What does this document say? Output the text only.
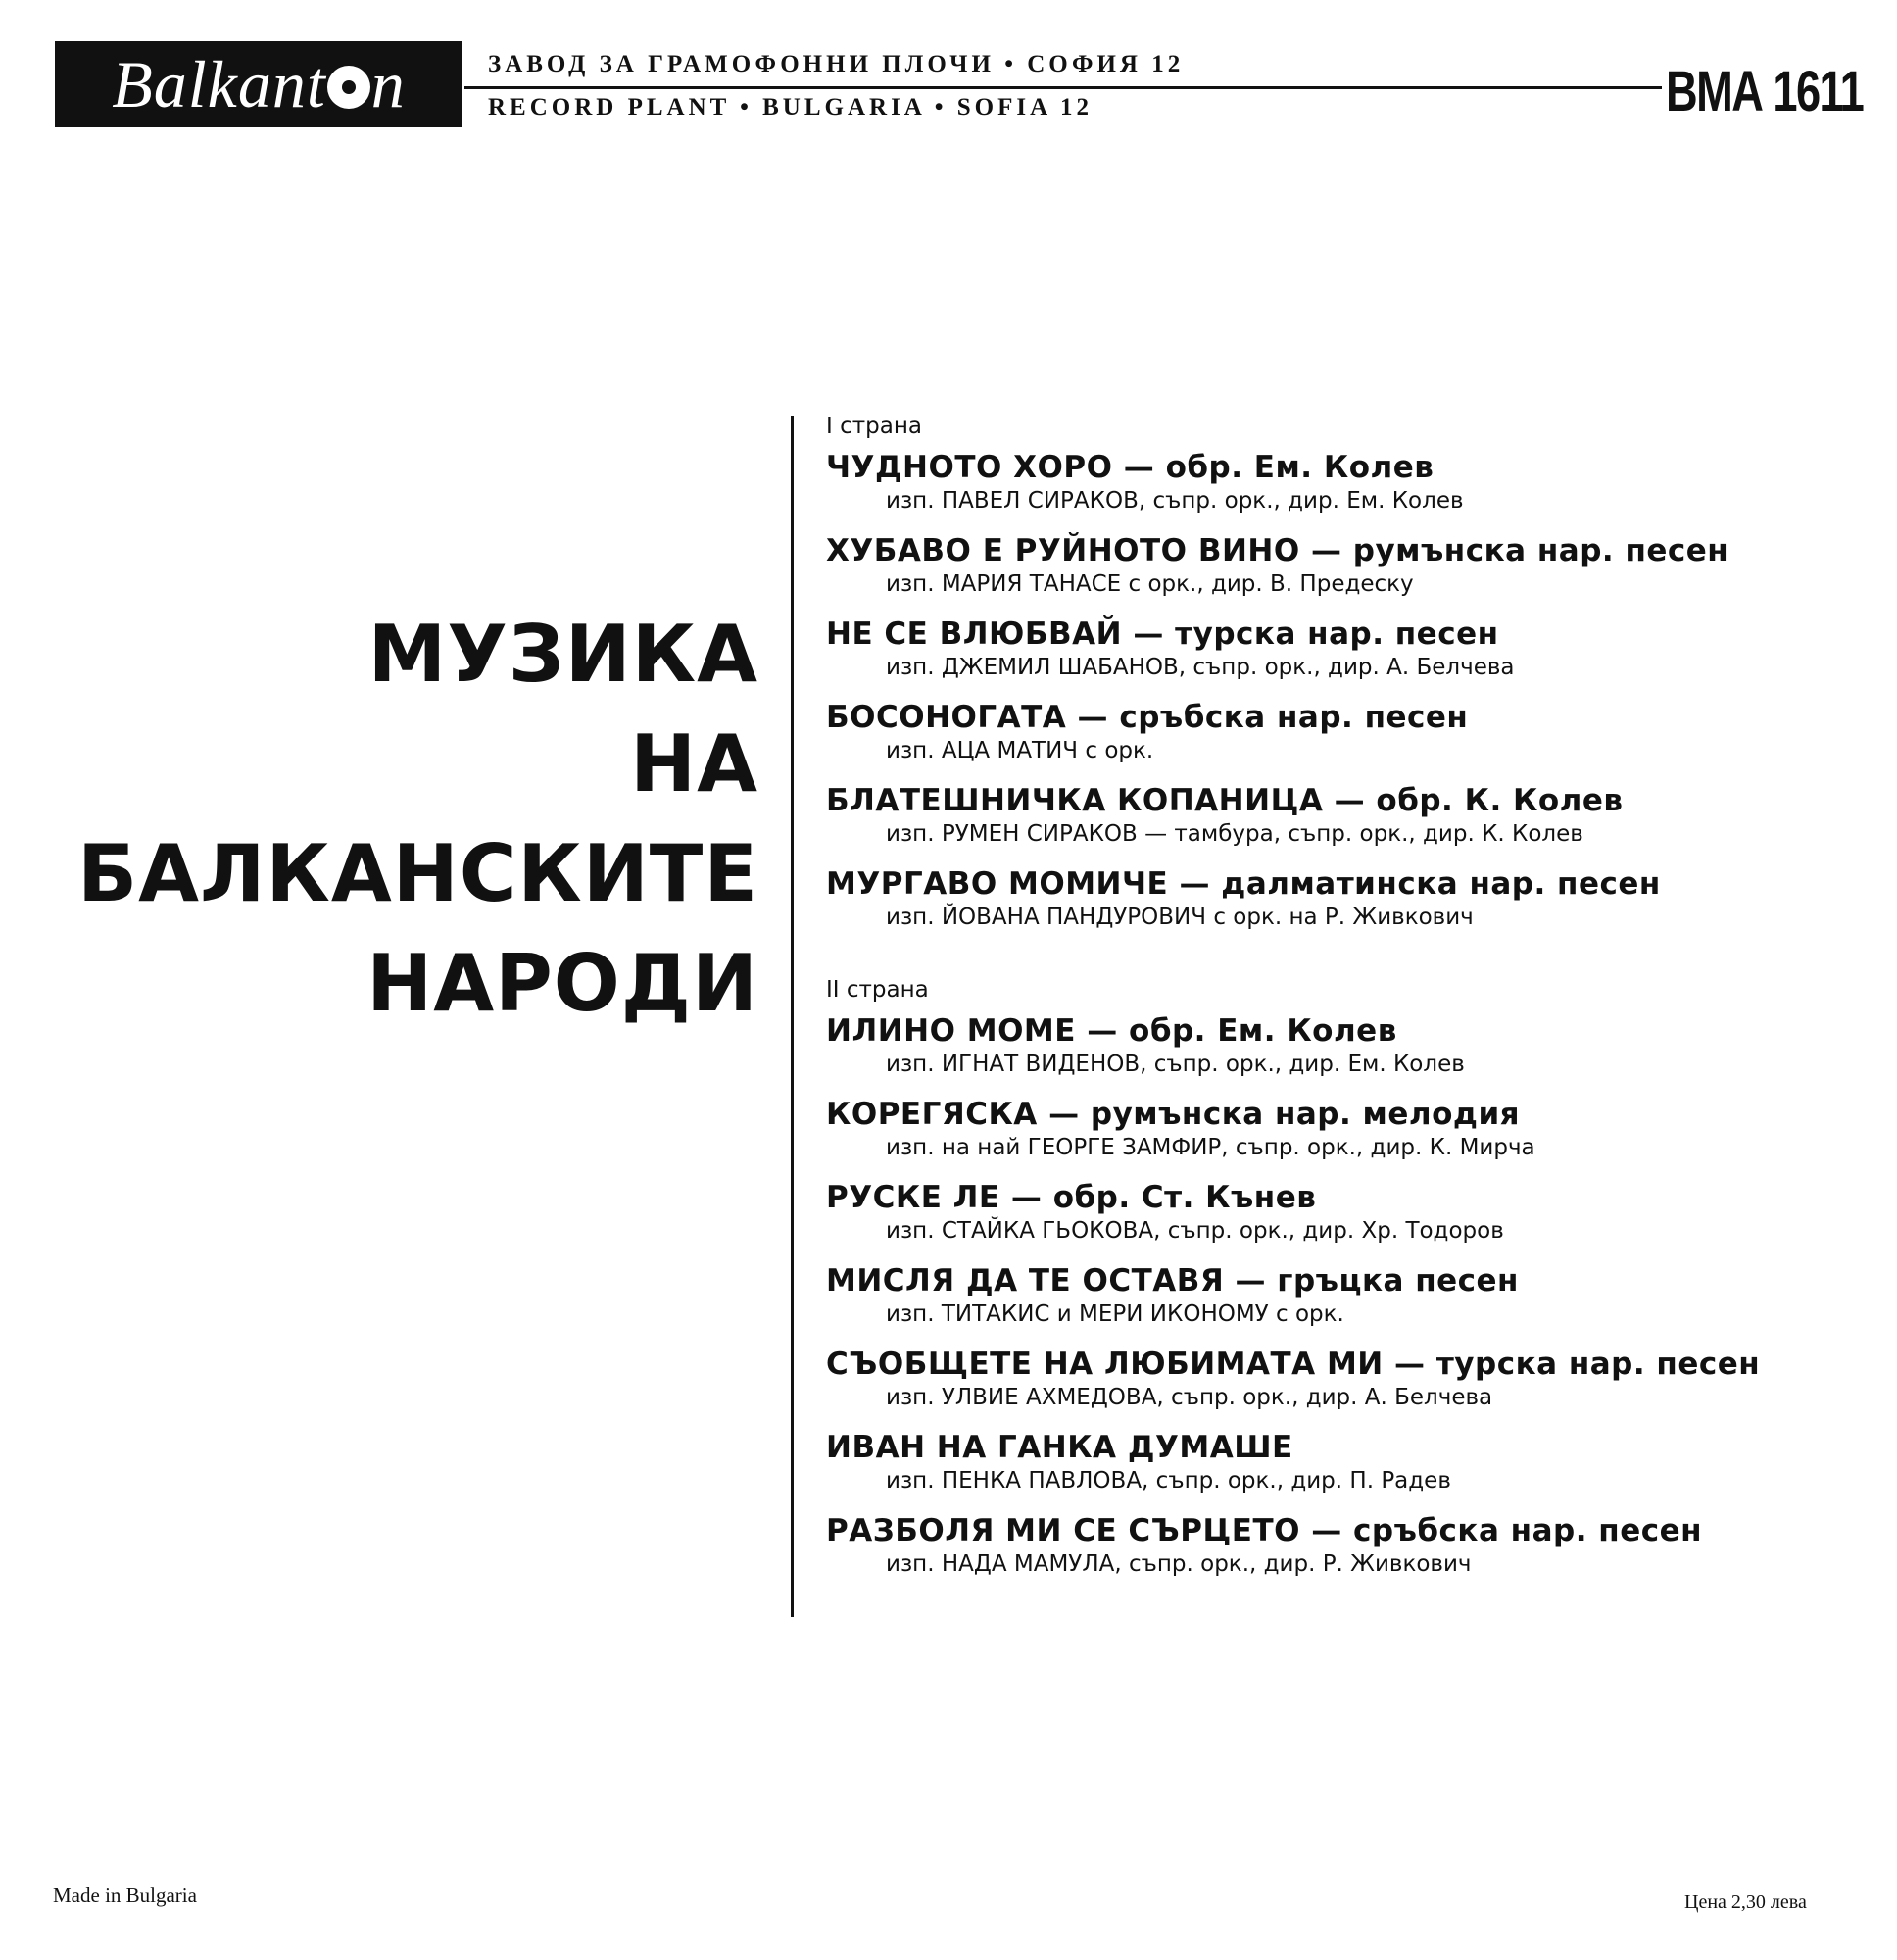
Balkant n	ЗАВОД ЗА ГРАМОФОННИ ПЛОЧИ • СОФИЯ 12
RECORD PLANT • BULGARIA • SOFIA 12	ВМА 1611
МУЗИКА
НА
БАЛКАНСКИТЕ
НАРОДИ
I страна
ЧУДНОТО ХОРО — обр. Ем. Колев
изп. ПАВЕЛ СИРАКОВ, съпр. орк., дир. Ем. Колев
ХУБАВО Е РУЙНОТО ВИНО — румънска нар. песен
изп. МАРИЯ ТАНАСЕ с орк., дир. В. Предеску
НЕ СЕ ВЛЮБВАЙ — турска нар. песен
изп. ДЖЕМИЛ ШАБАНОВ, съпр. орк., дир. А. Белчева
БОСОНОГАТА — сръбска нар. песен
изп. АЦА МАТИЧ с орк.
БЛАТЕШНИЧКА КОПАНИЦА — обр. К. Колев
изп. РУМЕН СИРАКОВ — тамбура, съпр. орк., дир. К. Колев
МУРГАВО МОМИЧЕ — далматинска нар. песен
изп. ЙОВАНА ПАНДУРОВИЧ с орк. на Р. Живкович
II страна
ИЛИНО МОМЕ — обр. Ем. Колев
изп. ИГНАТ ВИДЕНОВ, съпр. орк., дир. Ем. Колев
КОРЕГЯСКА — румънска нар. мелодия
изп. на най ГЕОРГЕ ЗАМФИР, съпр. орк., дир. К. Мирча
РУСКЕ ЛЕ — обр. Ст. Кънев
изп. СТАЙКА ГЬОКОВА, съпр. орк., дир. Хр. Тодоров
МИСЛЯ ДА ТЕ ОСТАВЯ — гръцка песен
изп. ТИТАКИС и МЕРИ ИКОНОМУ с орк.
СЪОБЩЕТЕ НА ЛЮБИМАТА МИ — турска нар. песен
изп. УЛВИЕ АХМЕДОВА, съпр. орк., дир. А. Белчева
ИВАН НА ГАНКА ДУМАШЕ
изп. ПЕНКА ПАВЛОВА, съпр. орк., дир. П. Радев
РАЗБОЛЯ МИ СЕ СЪРЦЕТО — сръбска нар. песен
изп. НАДА МАМУЛА, съпр. орк., дир. Р. Живкович
Made in Bulgaria	Цена 2,30 лева
